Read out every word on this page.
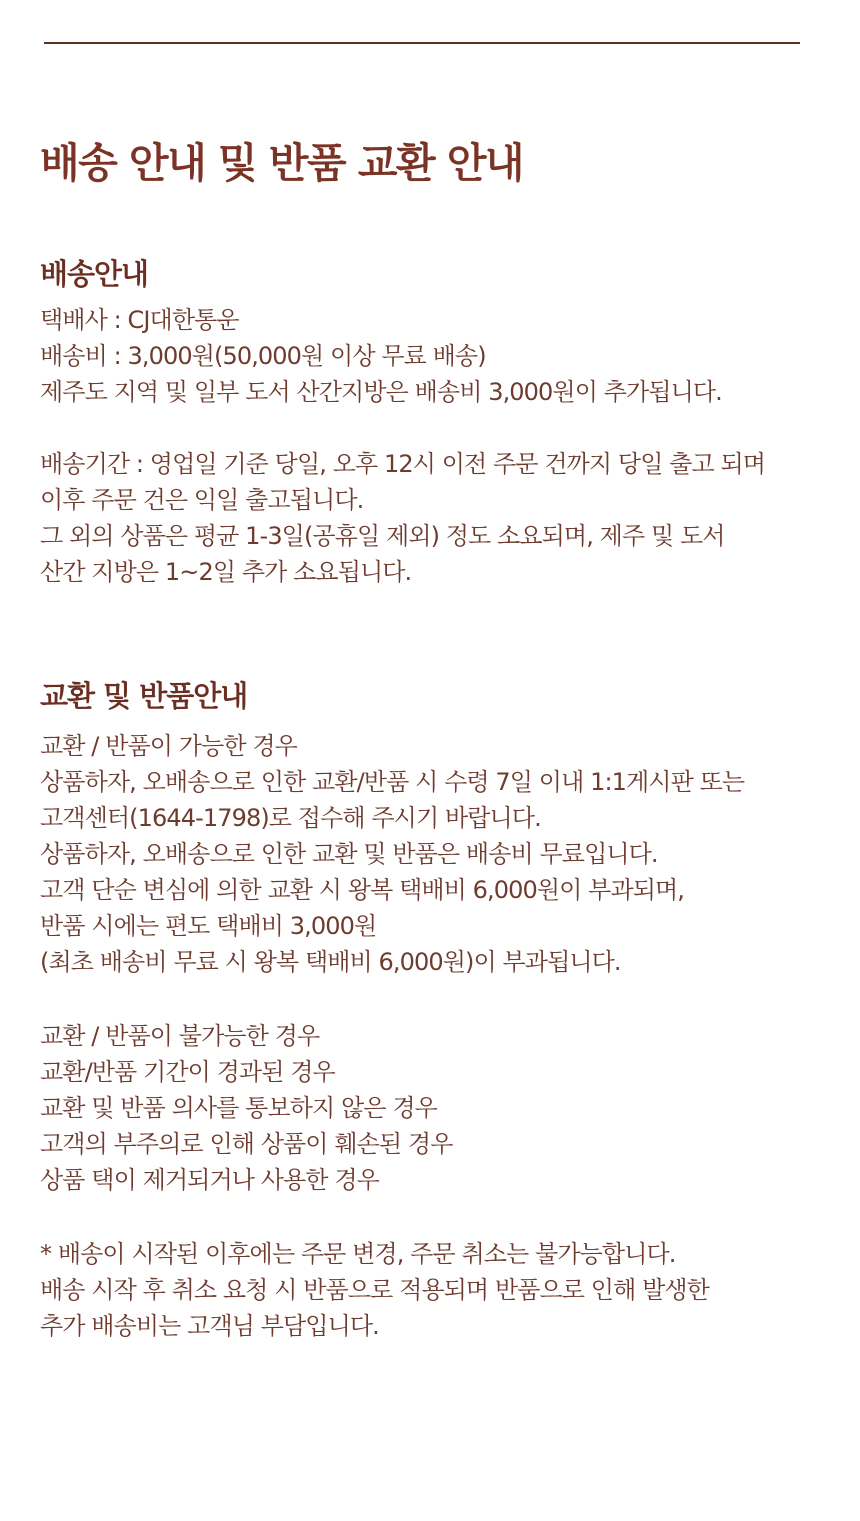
배송 안내 및 반품 교환 안내
배송안내
택배사 : CJ대한통운
배송비 : 3,000원(50,000원 이상 무료 배송)
제주도 지역 및 일부 도서 산간지방은 배송비 3,000원이 추가됩니다.
배송기간 : 영업일 기준 당일, 오후 12시 이전 주문 건까지 당일 출고 되며
이후 주문 건은 익일 출고됩니다.
그 외의 상품은 평균 1-3일(공휴일 제외) 정도 소요되며, 제주 및 도서
산간 지방은 1~2일 추가 소요됩니다.
교환 및 반품안내
교환 / 반품이 가능한 경우
상품하자, 오배송으로 인한 교환/반품 시 수령 7일 이내 1:1게시판 또는
고객센터(1644-1798)로 접수해 주시기 바랍니다.
상품하자, 오배송으로 인한 교환 및 반품은 배송비 무료입니다.
고객 단순 변심에 의한 교환 시 왕복 택배비 6,000원이 부과되며,
반품 시에는 편도 택배비 3,000원
(최초 배송비 무료 시 왕복 택배비 6,000원)이 부과됩니다.
교환 / 반품이 불가능한 경우
교환/반품 기간이 경과된 경우
교환 및 반품 의사를 통보하지 않은 경우
고객의 부주의로 인해 상품이 훼손된 경우
상품 택이 제거되거나 사용한 경우
* 배송이 시작된 이후에는 주문 변경, 주문 취소는 불가능합니다.
배송 시작 후 취소 요청 시 반품으로 적용되며 반품으로 인해 발생한
추가 배송비는 고객님 부담입니다.
